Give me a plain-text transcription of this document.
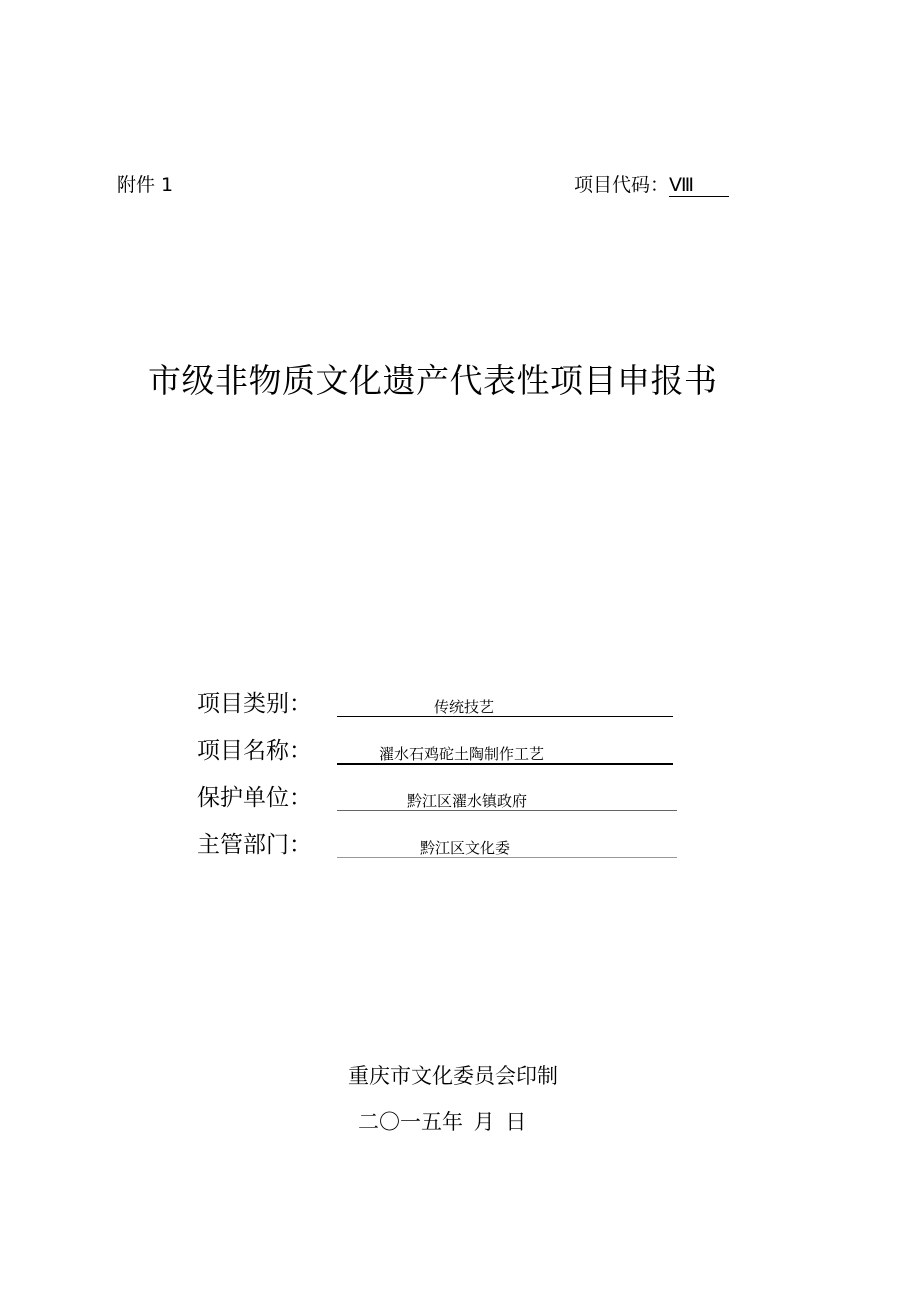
附件 1	项目代码：Ⅷ
市级非物质文化遗产代表性项目申报书
项目类别：	传统技艺
项目名称：	濯水石鸡砣土陶制作工艺
保护单位：	黔江区濯水镇政府
主管部门：	黔江区文化委
重庆市文化委员会印制
二〇一五年 月 日
